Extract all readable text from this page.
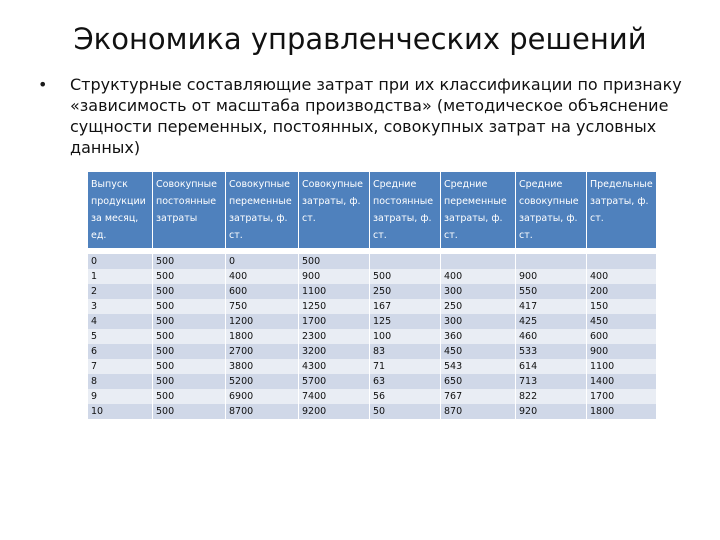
Экономика управленческих решений
• Структурные составляющие затрат при их классификации по признаку «зависимость от масштаба производства» (методическое объяснение сущности переменных, постоянных, совокупных затрат на условных данных)
Выпуск продукции за месяц, ед.	Совокупные постоянные затраты	Совокупные переменные затраты, ф. ст.	Совокупные затраты, ф. ст.	Средние постоянные затраты, ф. ст.	Средние переменные затраты, ф. ст.	Средние совокупные затраты, ф. ст.	Предельные затраты, ф. ст.

0	500	0	500				
1	500	400	900	500	400	900	400
2	500	600	1100	250	300	550	200
3	500	750	1250	167	250	417	150
4	500	1200	1700	125	300	425	450
5	500	1800	2300	100	360	460	600
6	500	2700	3200	83	450	533	900
7	500	3800	4300	71	543	614	1100
8	500	5200	5700	63	650	713	1400
9	500	6900	7400	56	767	822	1700
10	500	8700	9200	50	870	920	1800
